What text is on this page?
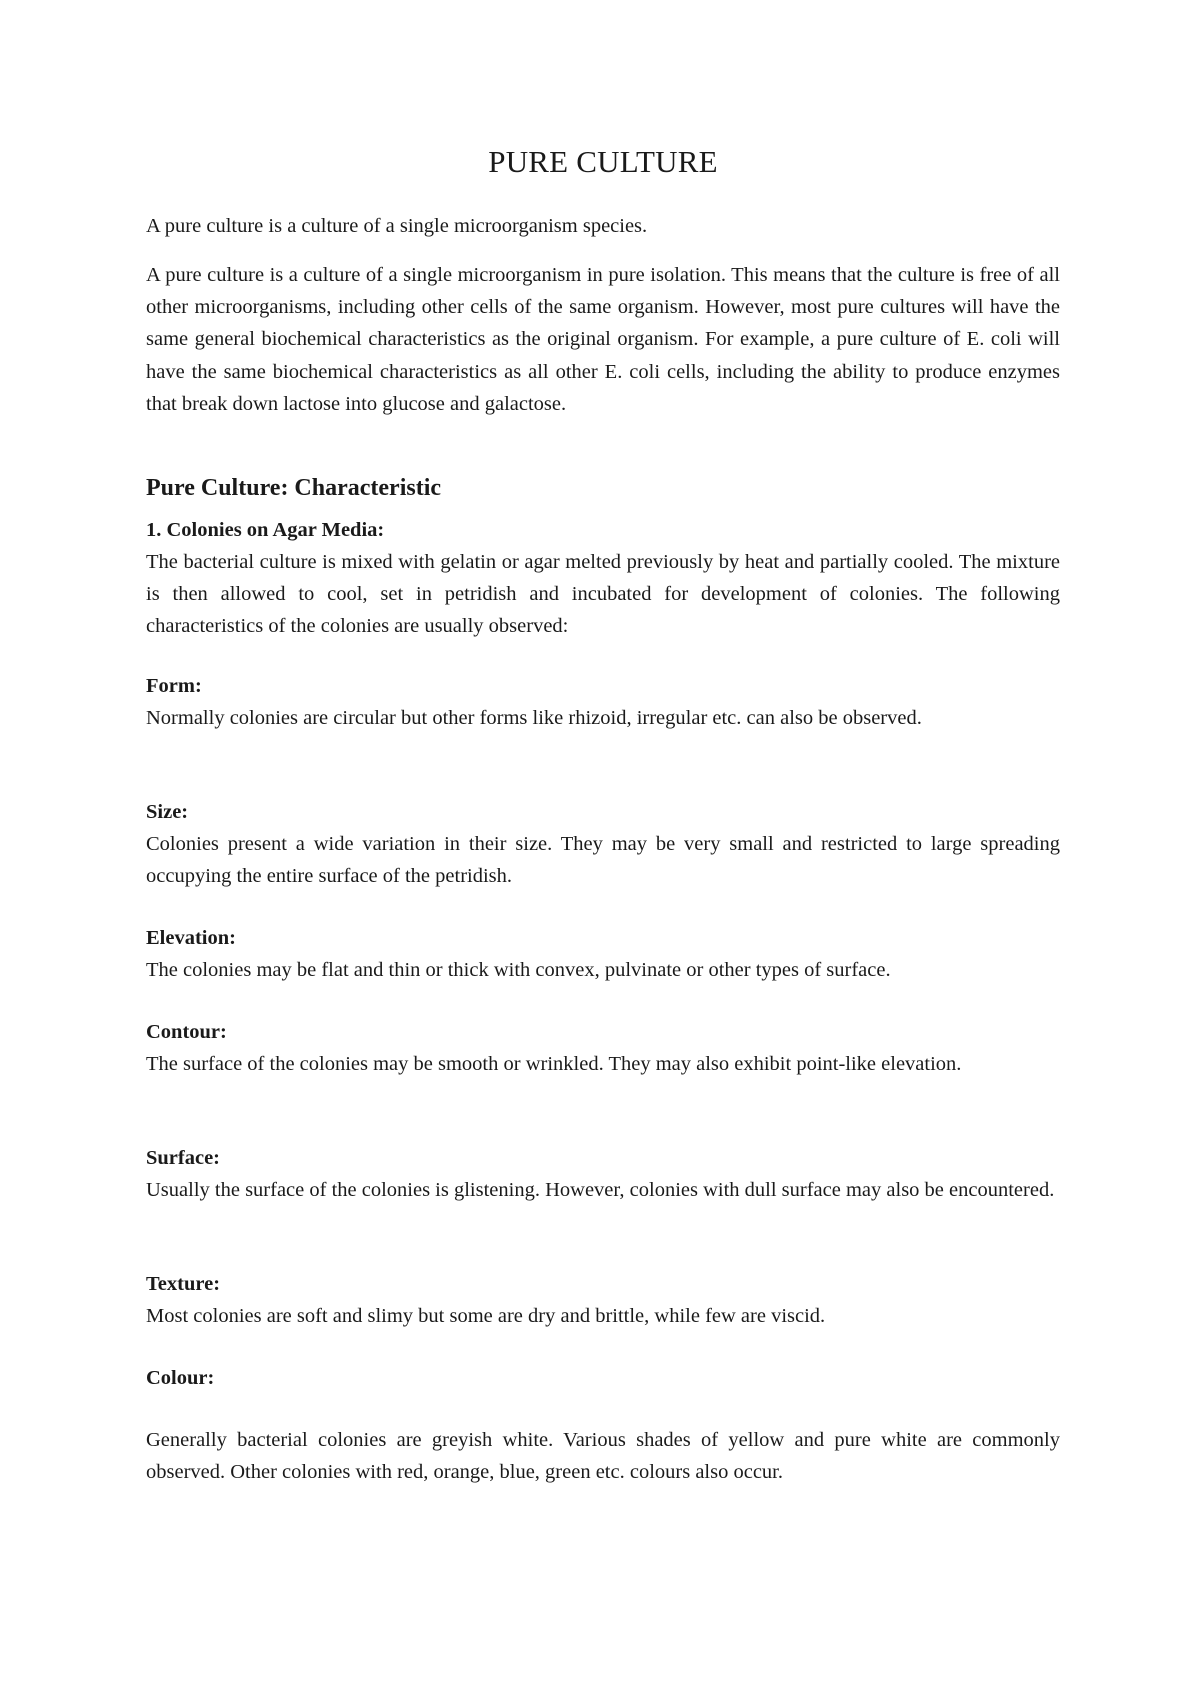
PURE CULTURE

A pure culture is a culture of a single microorganism species.

A pure culture is a culture of a single microorganism in pure isolation. This means that the culture is free of all other microorganisms, including other cells of the same organism. However, most pure cultures will have the same general biochemical characteristics as the original organism. For example, a pure culture of E. coli will have the same biochemical characteristics as all other E. coli cells, including the ability to produce enzymes that break down lactose into glucose and galactose.

Pure Culture: Characteristic
1. Colonies on Agar Media:

The bacterial culture is mixed with gelatin or agar melted previously by heat and partially cooled. The mixture is then allowed to cool, set in petridish and incubated for development of colonies. The following characteristics of the colonies are usually observed:

Form:

Normally colonies are circular but other forms like rhizoid, irregular etc. can also be observed.

Size:

Colonies present a wide variation in their size. They may be very small and restricted to large spreading occupying the entire surface of the petridish.

Elevation:

The colonies may be flat and thin or thick with convex, pulvinate or other types of surface.

Contour:

The surface of the colonies may be smooth or wrinkled. They may also exhibit point-like elevation.

Surface:

Usually the surface of the colonies is glistening. However, colonies with dull surface may also be encountered.

Texture:

Most colonies are soft and slimy but some are dry and brittle, while few are viscid.

Colour:

Generally bacterial colonies are greyish white. Various shades of yellow and pure white are commonly observed. Other colonies with red, orange, blue, green etc. colours also occur.
